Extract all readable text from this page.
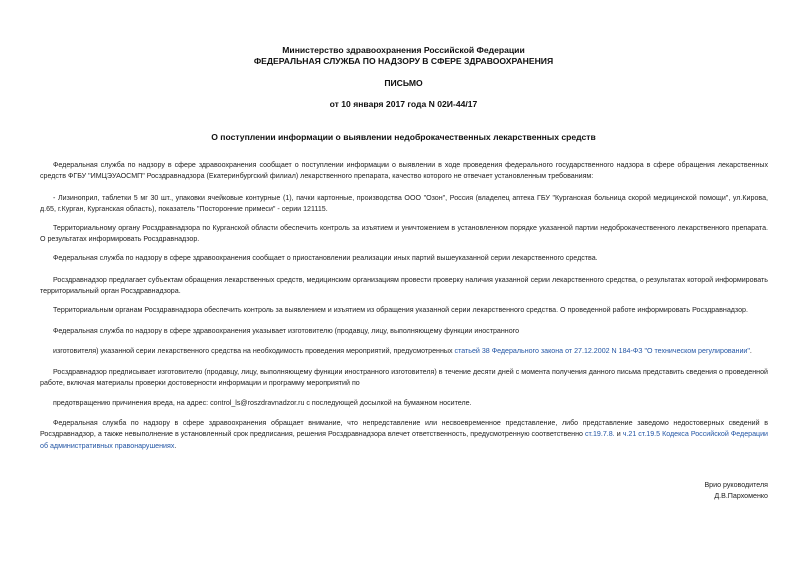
Министерство здравоохранения Российской Федерации
ФЕДЕРАЛЬНАЯ СЛУЖБА ПО НАДЗОРУ В СФЕРЕ ЗДРАВООХРАНЕНИЯ
ПИСЬМО
от 10 января 2017 года N 02И-44/17
О поступлении информации о выявлении недоброкачественных лекарственных средств
Федеральная служба по надзору в сфере здравоохранения сообщает о поступлении информации о выявлении в ходе проведения федерального государственного надзора в сфере обращения лекарственных средств ФГБУ "ИМЦЭУАОСМП" Росздравнадзора (Екатеринбургский филиал) лекарственного препарата, качество которого не отвечает установленным требованиям:
- Лизиноприл, таблетки 5 мг 30 шт., упаковки ячейковые контурные (1), пачки картонные, производства ООО "Озон", Россия (владелец аптека ГБУ "Курганская больница скорой медицинской помощи", ул.Кирова, д.65, г.Курган, Курганская область), показатель "Посторонние примеси" - серии 121115.
Территориальному органу Росздравнадзора по Курганской области обеспечить контроль за изъятием и уничтожением в установленном порядке указанной партии недоброкачественного лекарственного препарата. О результатах информировать Росздравнадзор.
Федеральная служба по надзору в сфере здравоохранения сообщает о приостановлении реализации иных партий вышеуказанной серии лекарственного средства.
Росздравнадзор предлагает субъектам обращения лекарственных средств, медицинским организациям провести проверку наличия указанной серии лекарственного средства, о результатах которой информировать территориальный орган Росздравнадзора.
Территориальным органам Росздравнадзора обеспечить контроль за выявлением и изъятием из обращения указанной серии лекарственного средства. О проведенной работе информировать Росздравнадзор.
Федеральная служба по надзору в сфере здравоохранения указывает изготовителю (продавцу, лицу, выполняющему функции иностранного
изготовителя) указанной серии лекарственного средства на необходимость проведения мероприятий, предусмотренных статьей 38 Федерального закона от 27.12.2002 N 184-ФЗ "О техническом регулировании".
Росздравнадзор предписывает изготовителю (продавцу, лицу, выполняющему функции иностранного изготовителя) в течение десяти дней с момента получения данного письма представить сведения о проведенной работе, включая материалы проверки достоверности информации и программу мероприятий по
предотвращению причинения вреда, на адрес: control_ls@roszdravnadzor.ru с последующей досылкой на бумажном носителе.
Федеральная служба по надзору в сфере здравоохранения обращает внимание, что непредставление или несвоевременное представление, либо представление заведомо недостоверных сведений в Росздравнадзор, а также невыполнение в установленный срок предписания, решения Росздравнадзора влечет ответственность, предусмотренную соответственно ст.19.7.8. и ч.21 ст.19.5 Кодекса Российской Федерации об административных правонарушениях.
Врио руководителя
Д.В.Пархоменко
